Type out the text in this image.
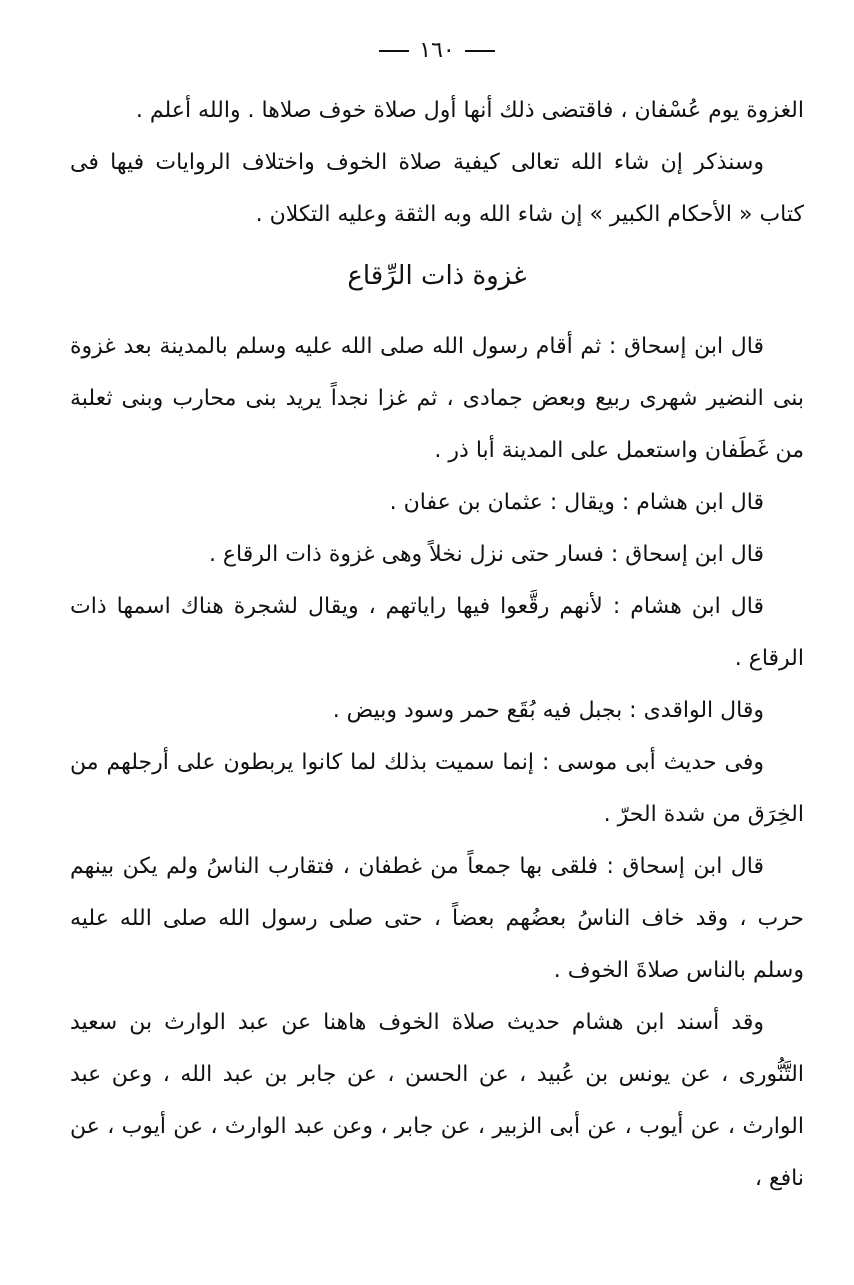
١٦٠

الغزوة يوم عُسْفان ، فاقتضى ذلك أنها أول صلاة خوف صلاها . والله أعلم .

وسنذكر إن شاء الله تعالى كيفية صلاة الخوف واختلاف الروايات فيها فى كتاب « الأحكام الكبير » إن شاء الله وبه الثقة وعليه التكلان .

غزوة ذات الرِّقاع

قال ابن إسحاق : ثم أقام رسول الله صلى الله عليه وسلم بالمدينة بعد غزوة بنى النضير شهرى ربيع وبعض جمادى ، ثم غزا نجداً يريد بنى محارب وبنى ثعلبة من غَطَفان واستعمل على المدينة أبا ذر .

قال ابن هشام : ويقال : عثمان بن عفان .

قال ابن إسحاق : فسار حتى نزل نخلاً وهى غزوة ذات الرقاع .

قال ابن هشام : لأنهم رقَّعوا فيها راياتهم ، ويقال لشجرة هناك اسمها ذات الرقاع .

وقال الواقدى : بجبل فيه بُقَع حمر وسود وبيض .

وفى حديث أبى موسى : إنما سميت بذلك لما كانوا يربطون على أرجلهم من الخِرَق من شدة الحرّ .

قال ابن إسحاق : فلقى بها جمعاً من غطفان ، فتقارب الناسُ ولم يكن بينهم حرب ، وقد خاف الناسُ بعضُهم بعضاً ، حتى صلى رسول الله صلى الله عليه وسلم بالناس صلاةَ الخوف .

وقد أسند ابن هشام حديث صلاة الخوف هاهنا عن عبد الوارث بن سعيد التَّنُّورى ، عن يونس بن عُبيد ، عن الحسن ، عن جابر بن عبد الله ، وعن عبد الوارث ، عن أيوب ، عن أبى الزبير ، عن جابر ، وعن عبد الوارث ، عن أيوب ، عن نافع ،
